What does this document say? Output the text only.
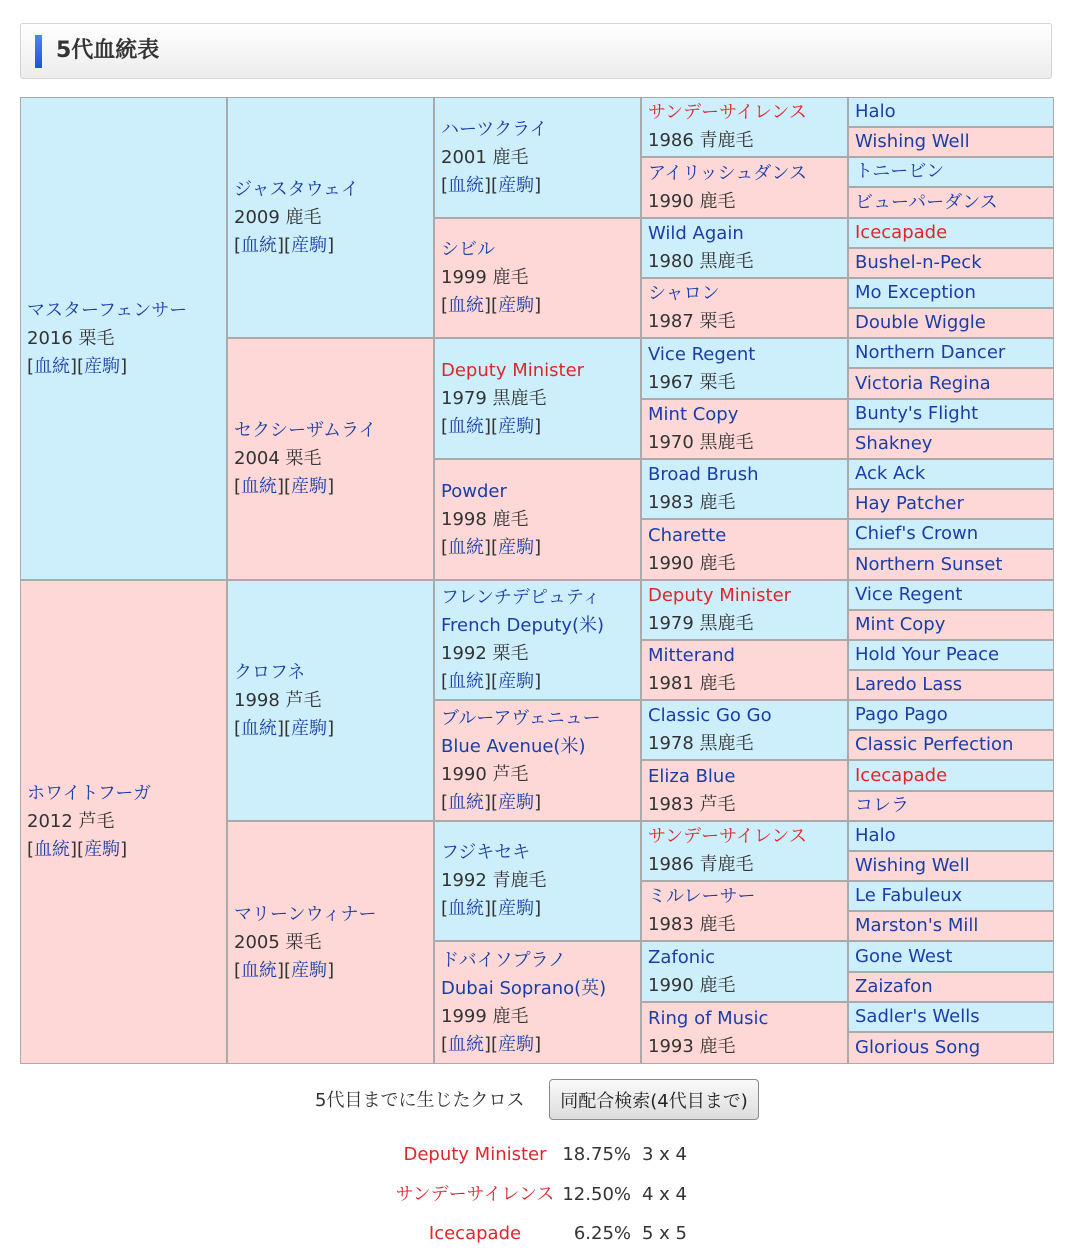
5代血統表
マスターフェンサー
2016 栗毛
[血統][産駒]
ホワイトフーガ
2012 芦毛
[血統][産駒]
ジャスタウェイ
2009 鹿毛
[血統][産駒]
セクシーザムライ
2004 栗毛
[血統][産駒]
クロフネ
1998 芦毛
[血統][産駒]
マリーンウィナー
2005 栗毛
[血統][産駒]
ハーツクライ
2001 鹿毛
[血統][産駒]
シビル
1999 鹿毛
[血統][産駒]
Deputy Minister
1979 黒鹿毛
[血統][産駒]
Powder
1998 鹿毛
[血統][産駒]
フレンチデピュティ
French Deputy(米)
1992 栗毛
[血統][産駒]
ブルーアヴェニュー
Blue Avenue(米)
1990 芦毛
[血統][産駒]
フジキセキ
1992 青鹿毛
[血統][産駒]
ドバイソプラノ
Dubai Soprano(英)
1999 鹿毛
[血統][産駒]
サンデーサイレンス
1986 青鹿毛
アイリッシュダンス
1990 鹿毛
Wild Again
1980 黒鹿毛
シャロン
1987 栗毛
Vice Regent
1967 栗毛
Mint Copy
1970 黒鹿毛
Broad Brush
1983 鹿毛
Charette
1990 鹿毛
Deputy Minister
1979 黒鹿毛
Mitterand
1981 鹿毛
Classic Go Go
1978 黒鹿毛
Eliza Blue
1983 芦毛
サンデーサイレンス
1986 青鹿毛
ミルレーサー
1983 鹿毛
Zafonic
1990 鹿毛
Ring of Music
1993 鹿毛
Halo
Wishing Well
トニービン
ビューパーダンス
Icecapade
Bushel-n-Peck
Mo Exception
Double Wiggle
Northern Dancer
Victoria Regina
Bunty's Flight
Shakney
Ack Ack
Hay Patcher
Chief's Crown
Northern Sunset
Vice Regent
Mint Copy
Hold Your Peace
Laredo Lass
Pago Pago
Classic Perfection
Icecapade
コレラ
Halo
Wishing Well
Le Fabuleux
Marston's Mill
Gone West
Zaizafon
Sadler's Wells
Glorious Song
5代目までに生じたクロス	同配合検索(4代目まで)
Deputy Minister 18.75% 3 x 4
サンデーサイレンス 12.50% 4 x 4
Icecapade	6.25% 5 x 5
